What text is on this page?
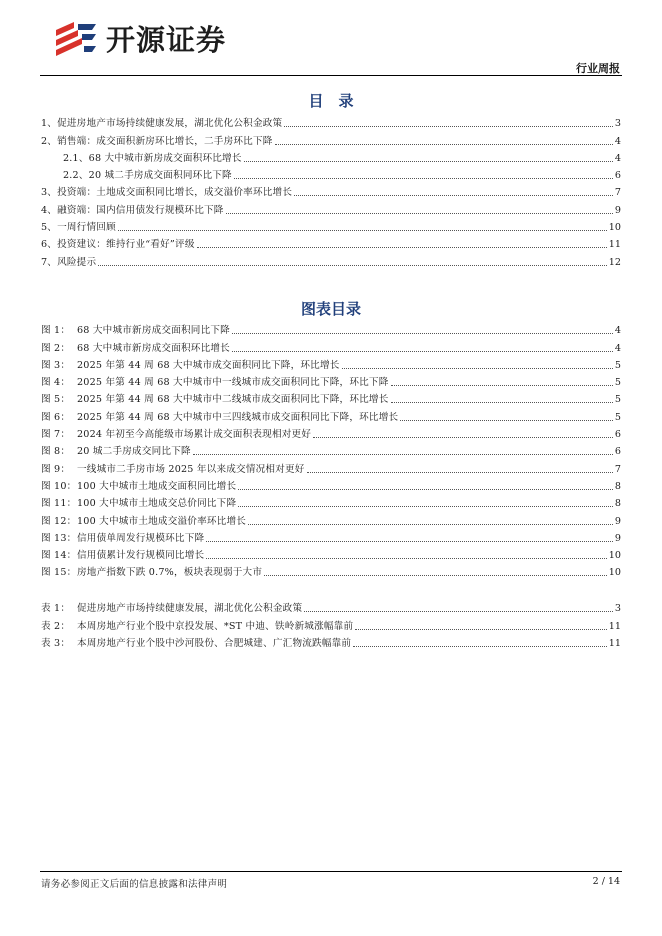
开源证券
行业周报
目　录
1、促进房地产市场持续健康发展，湖北优化公积金政策	3
2、销售端：成交面积新房环比增长，二手房环比下降	4
2.1、68 大中城市新房成交面积环比增长	4
2.2、20 城二手房成交面积同环比下降	6
3、投资端：土地成交面积同比增长，成交溢价率环比增长	7
4、融资端：国内信用债发行规模环比下降	9
5、一周行情回顾	10
6、投资建议：维持行业“看好”评级	11
7、风险提示	12
图表目录
图 1： 68 大中城市新房成交面积同比下降	4
图 2： 68 大中城市新房成交面积环比增长	4
图 3： 2025 年第 44 周 68 大中城市成交面积同比下降，环比增长	5
图 4： 2025 年第 44 周 68 大中城市中一线城市成交面积同比下降，环比下降	5
图 5： 2025 年第 44 周 68 大中城市中二线城市成交面积同比下降，环比增长	5
图 6： 2025 年第 44 周 68 大中城市中三四线城市成交面积同比下降，环比增长	5
图 7： 2024 年初至今高能级市场累计成交面积表现相对更好	6
图 8： 20 城二手房成交同比下降	6
图 9： 一线城市二手房市场 2025 年以来成交情况相对更好	7
图 10：100 大中城市土地成交面积同比增长	8
图 11：100 大中城市土地成交总价同比下降	8
图 12：100 大中城市土地成交溢价率环比增长	9
图 13：信用债单周发行规模环比下降	9
图 14：信用债累计发行规模同比增长	10
图 15：房地产指数下跌 0.7%，板块表现弱于大市	10
表 1： 促进房地产市场持续健康发展，湖北优化公积金政策	3
表 2： 本周房地产行业个股中京投发展、*ST 中迪、铁岭新城涨幅靠前	11
表 3： 本周房地产行业个股中沙河股份、合肥城建、广汇物流跌幅靠前	11
请务必参阅正文后面的信息披露和法律声明	2 / 14
